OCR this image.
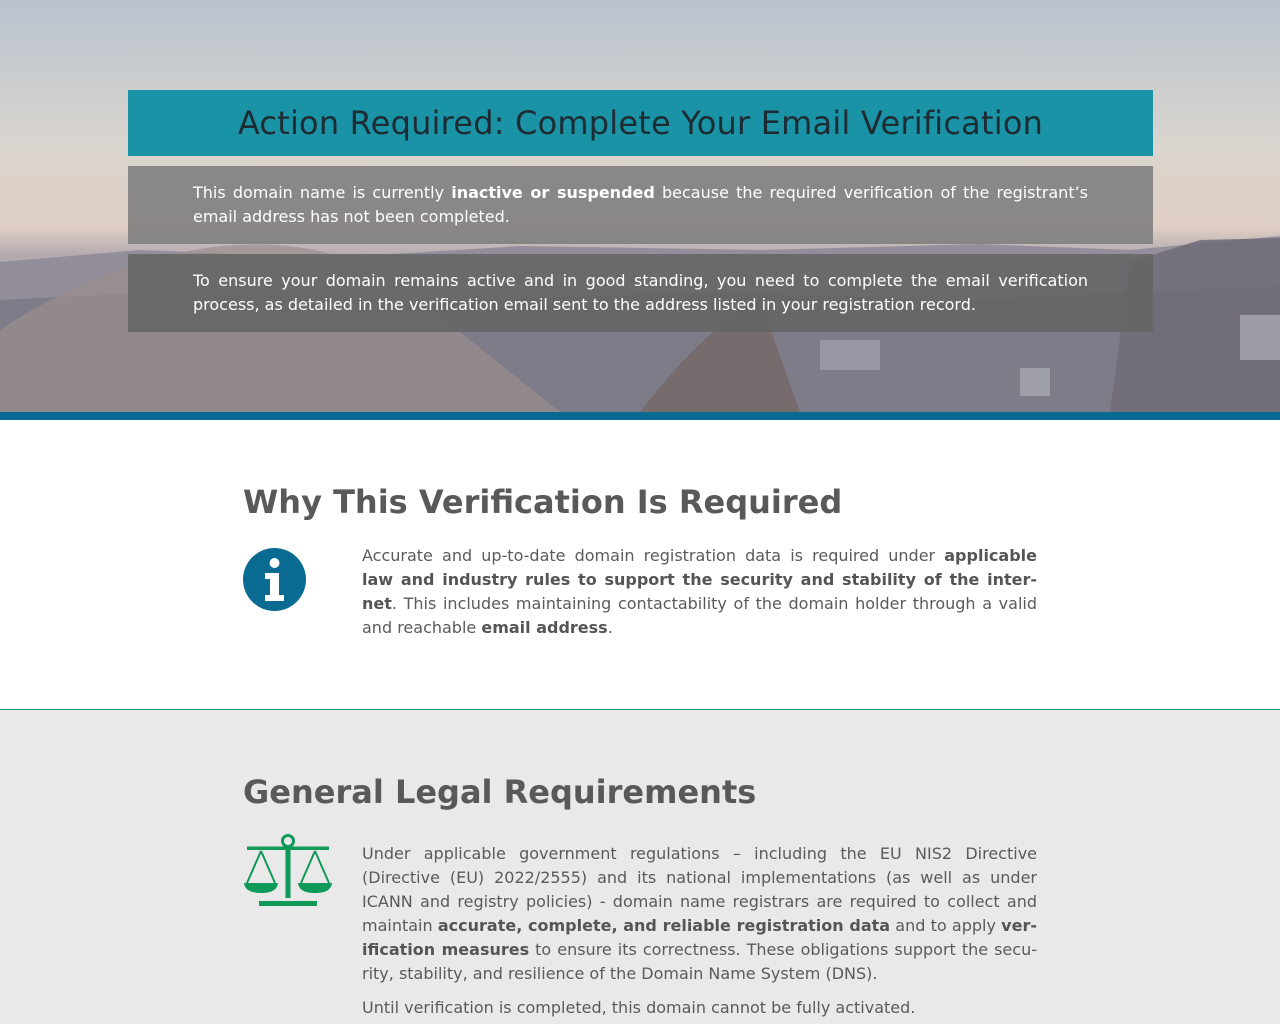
Action Required: Complete Your Email Verification
This domain name is currently inactive or suspended because the required verification of the registrant’s email address has not been completed.
To ensure your domain remains active and in good standing, you need to complete the email verification process, as detailed in the verification email sent to the address listed in your registration record.
Why This Verification Is Required

Accurate and up-to-date domain registration data is required under applicable law and industry rules to support the security and stability of the internet. This includes maintaining contactability of the domain holder through a valid and reachable email address.

General Legal Requirements

Under applicable government regulations – including the EU NIS2 Directive (Directive (EU) 2022/2555) and its national implementations (as well as under ICANN and registry policies) - domain name registrars are required to collect and maintain accurate, complete, and reliable registration data and to apply verification measures to ensure its correctness. These obligations support the security, stability, and resilience of the Domain Name System (DNS).

Until verification is completed, this domain cannot be fully activated.
